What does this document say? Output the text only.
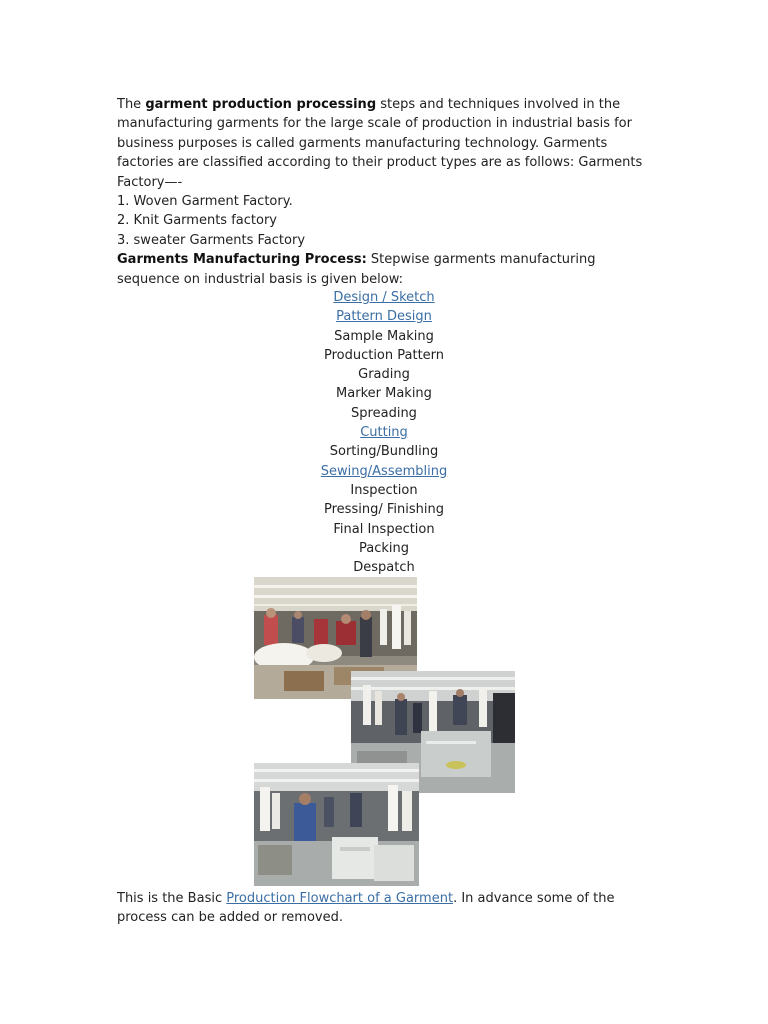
The garment production processing steps and techniques involved in the manufacturing garments for the large scale of production in industrial basis for business purposes is called garments manufacturing technology. Garments factories are classified according to their product types are as follows: Garments Factory—-

1. Woven Garment Factory.
2. Knit Garments factory
3. sweater Garments Factory

Garments Manufacturing Process: Stepwise garments manufacturing sequence on industrial basis is given below:

Design / Sketch
Pattern Design
Sample Making
Production Pattern
Grading
Marker Making
Spreading
Cutting
Sorting/Bundling
Sewing/Assembling
Inspection
Pressing/ Finishing
Final Inspection
Packing
Despatch
This is the Basic Production Flowchart of a Garment. In advance some of the process can be added or removed.
